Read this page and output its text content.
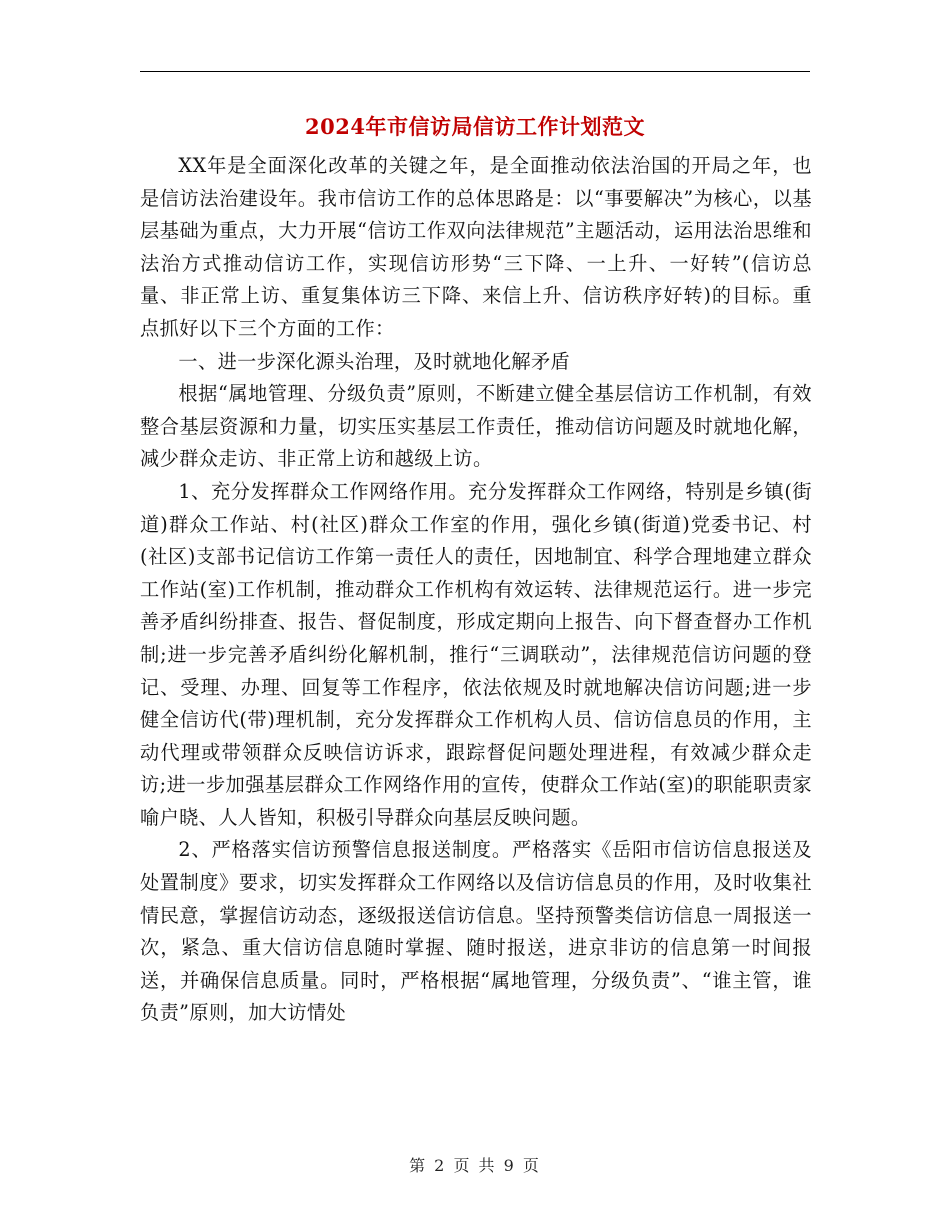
2024年市信访局信访工作计划范文

XX年是全面深化改革的关键之年，是全面推动依法治国的开局之年，也是信访法治建设年。我市信访工作的总体思路是：以“事要解决”为核心，以基层基础为重点，大力开展“信访工作双向法律规范”主题活动，运用法治思维和法治方式推动信访工作，实现信访形势“三下降、一上升、一好转”(信访总量、非正常上访、重复集体访三下降、来信上升、信访秩序好转)的目标。重点抓好以下三个方面的工作：

一、进一步深化源头治理，及时就地化解矛盾

根据“属地管理、分级负责”原则，不断建立健全基层信访工作机制，有效整合基层资源和力量，切实压实基层工作责任，推动信访问题及时就地化解，减少群众走访、非正常上访和越级上访。

1、充分发挥群众工作网络作用。充分发挥群众工作网络，特别是乡镇(街道)群众工作站、村(社区)群众工作室的作用，强化乡镇(街道)党委书记、村(社区)支部书记信访工作第一责任人的责任，因地制宜、科学合理地建立群众工作站(室)工作机制，推动群众工作机构有效运转、法律规范运行。进一步完善矛盾纠纷排查、报告、督促制度，形成定期向上报告、向下督查督办工作机制;进一步完善矛盾纠纷化解机制，推行“三调联动”，法律规范信访问题的登记、受理、办理、回复等工作程序，依法依规及时就地解决信访问题;进一步健全信访代(带)理机制，充分发挥群众工作机构人员、信访信息员的作用，主动代理或带领群众反映信访诉求，跟踪督促问题处理进程，有效减少群众走访;进一步加强基层群众工作网络作用的宣传，使群众工作站(室)的职能职责家喻户晓、人人皆知，积极引导群众向基层反映问题。

2、严格落实信访预警信息报送制度。严格落实《岳阳市信访信息报送及处置制度》要求，切实发挥群众工作网络以及信访信息员的作用，及时收集社情民意，掌握信访动态，逐级报送信访信息。坚持预警类信访信息一周报送一次，紧急、重大信访信息随时掌握、随时报送，进京非访的信息第一时间报送，并确保信息质量。同时，严格根据“属地管理，分级负责”、“谁主管，谁负责”原则，加大访情处

第 2 页 共 9 页
